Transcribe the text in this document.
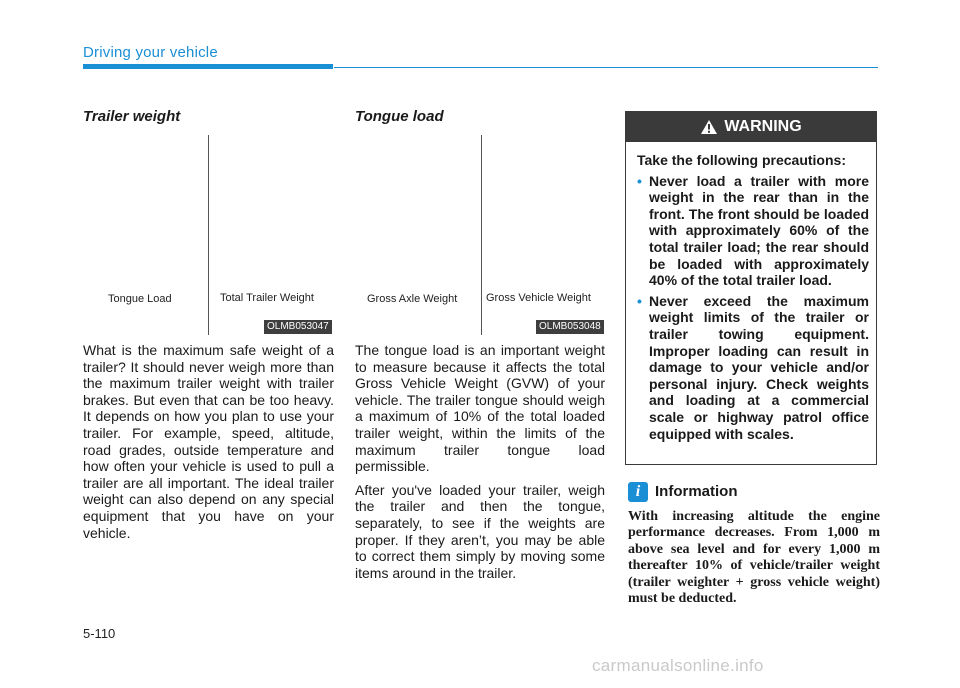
Driving your vehicle
Trailer weight
Tongue Load	Total Trailer Weight
OLMB053047

What is the maximum safe weight of a trailer? It should never weigh more than the maximum trailer weight with trailer brakes. But even that can be too heavy. It depends on how you plan to use your trailer. For example, speed, altitude, road grades, outside temperature and how often your vehicle is used to pull a trailer are all important. The ideal trailer weight can also depend on any special equipment that you have on your vehicle.

Tongue load
Gross Axle Weight	Gross Vehicle Weight
OLMB053048

The tongue load is an important weight to measure because it affects the total Gross Vehicle Weight (GVW) of your vehicle. The trailer tongue should weigh a maximum of 10% of the total loaded trailer weight, within the limits of the maximum trailer tongue load permissible.

After you've loaded your trailer, weigh the trailer and then the tongue, separately, to see if the weights are proper. If they aren’t, you may be able to correct them simply by moving some items around in the trailer.

WARNING
Take the following precautions:
• Never load a trailer with more weight in the rear than in the front. The front should be loaded with approximately 60% of the total trailer load; the rear should be loaded with approximately 40% of the total trailer load.
• Never exceed the maximum weight limits of the trailer or trailer towing equipment. Improper loading can result in damage to your vehicle and/or personal injury. Check weights and loading at a commercial scale or highway patrol office equipped with scales.
i Information
With increasing altitude the engine performance decreases. From 1,000 m above sea level and for every 1,000 m thereafter 10% of vehicle/trailer weight (trailer weighter + gross vehicle weight) must be deducted.
5-110
carmanualsonline.info
